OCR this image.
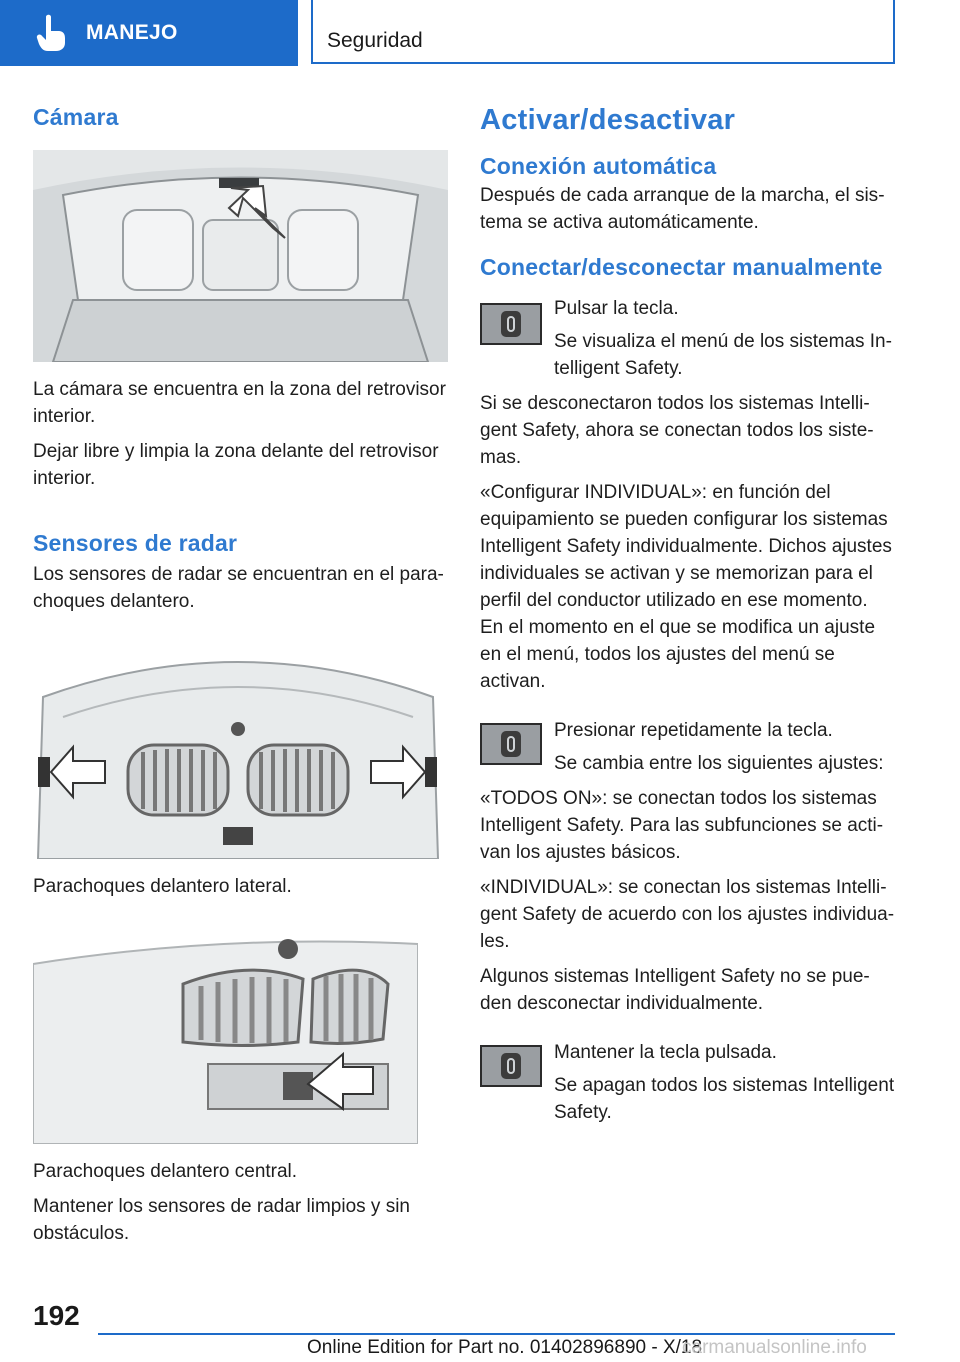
MANEJO	Seguridad
Cámara

La cámara se encuentra en la zona del retrovisor interior.

Dejar libre y limpia la zona delante del retrovisor interior.

Sensores de radar

Los sensores de radar se encuentran en el parachoques delantero.

Parachoques delantero lateral.

Parachoques delantero central.

Mantener los sensores de radar limpios y sin obstáculos.

Activar/desactivar
Conexión automática

Después de cada arranque de la marcha, el sistema se activa automáticamente.

Conectar/desconectar manualmente

Pulsar la tecla.

Se visualiza el menú de los sistemas Intelligent Safety.

Si se desconectaron todos los sistemas Intelligent Safety, ahora se conectan todos los sistemas.

«Configurar INDIVIDUAL»: en función del equipamiento se pueden configurar los sistemas Intelligent Safety individualmente. Dichos ajustes individuales se activan y se memorizan para el perfil del conductor utilizado en ese momento. En el momento en el que se modifica un ajuste en el menú, todos los ajustes del menú se activan.

Presionar repetidamente la tecla.

Se cambia entre los siguientes ajustes:

«TODOS ON»: se conectan todos los sistemas Intelligent Safety. Para las subfunciones se activan los ajustes básicos.

«INDIVIDUAL»: se conectan los sistemas Intelligent Safety de acuerdo con los ajustes individuales.

Algunos sistemas Intelligent Safety no se pueden desconectar individualmente.

Mantener la tecla pulsada.

Se apagan todos los sistemas Intelligent Safety.

192
Online Edition for Part no. 01402896890 - X/18
carmanualsonline.info
